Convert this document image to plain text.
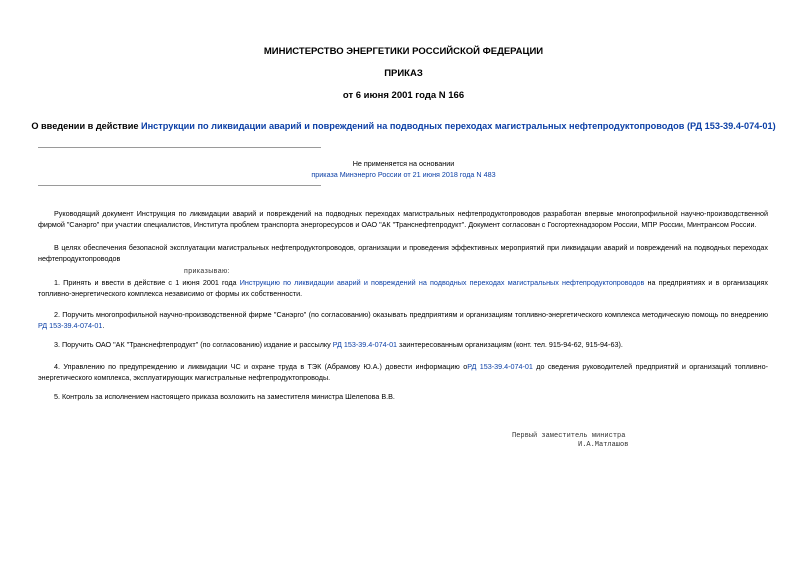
МИНИСТЕРСТВО ЭНЕРГЕТИКИ РОССИЙСКОЙ ФЕДЕРАЦИИ
ПРИКАЗ
от 6 июня 2001 года N 166
О введении в действие Инструкции по ликвидации аварий и повреждений на подводных переходах магистральных нефтепродуктопроводов (РД 153-39.4-074-01)
Не применяется на основании
приказа Минэнерго России от 21 июня 2018 года N 483
Руководящий документ Инструкция по ликвидации аварий и повреждений на подводных переходах магистральных нефтепродуктопроводов разработан впервые многопрофильной научно-производственной фирмой "Санэрго" при участии специалистов, Института проблем транспорта энергоресурсов и ОАО "АК "Транснефтепродукт". Документ согласован с Госгортехнадзором России, МПР России, Минтрансом России.
В целях обеспечения безопасной эксплуатации магистральных нефтепродуктопроводов, организации и проведения эффективных мероприятий при ликвидации аварий и повреждений на подводных переходах нефтепродуктопроводов
приказываю:
1. Принять и ввести в действие с 1 июня 2001 года Инструкцию по ликвидации аварий и повреждений на подводных переходах магистральных нефтепродуктопроводов на предприятиях и в организациях топливно-энергетического комплекса независимо от формы их собственности.
2. Поручить многопрофильной научно-производственной фирме "Санэрго" (по согласованию) оказывать предприятиям и организациям топливно-энергетического комплекса методическую помощь по внедрению РД 153-39.4-074-01.
3. Поручить ОАО "АК "Транснефтепродукт" (по согласованию) издание и рассылку РД 153-39.4-074-01 заинтересованным организациям (конт. тел. 915-94-62, 915-94-63).
4. Управлению по предупреждению и ликвидации ЧС и охране труда в ТЭК (Абрамову Ю.А.) довести информацию оРД 153-39.4-074-01 до сведения руководителей предприятий и организаций топливно-энергетического комплекса, эксплуатирующих магистральные нефтепродуктопроводы.
5. Контроль за исполнением настоящего приказа возложить на заместителя министра Шелепова В.В.
Первый заместитель министра
И.А.Матлашов
